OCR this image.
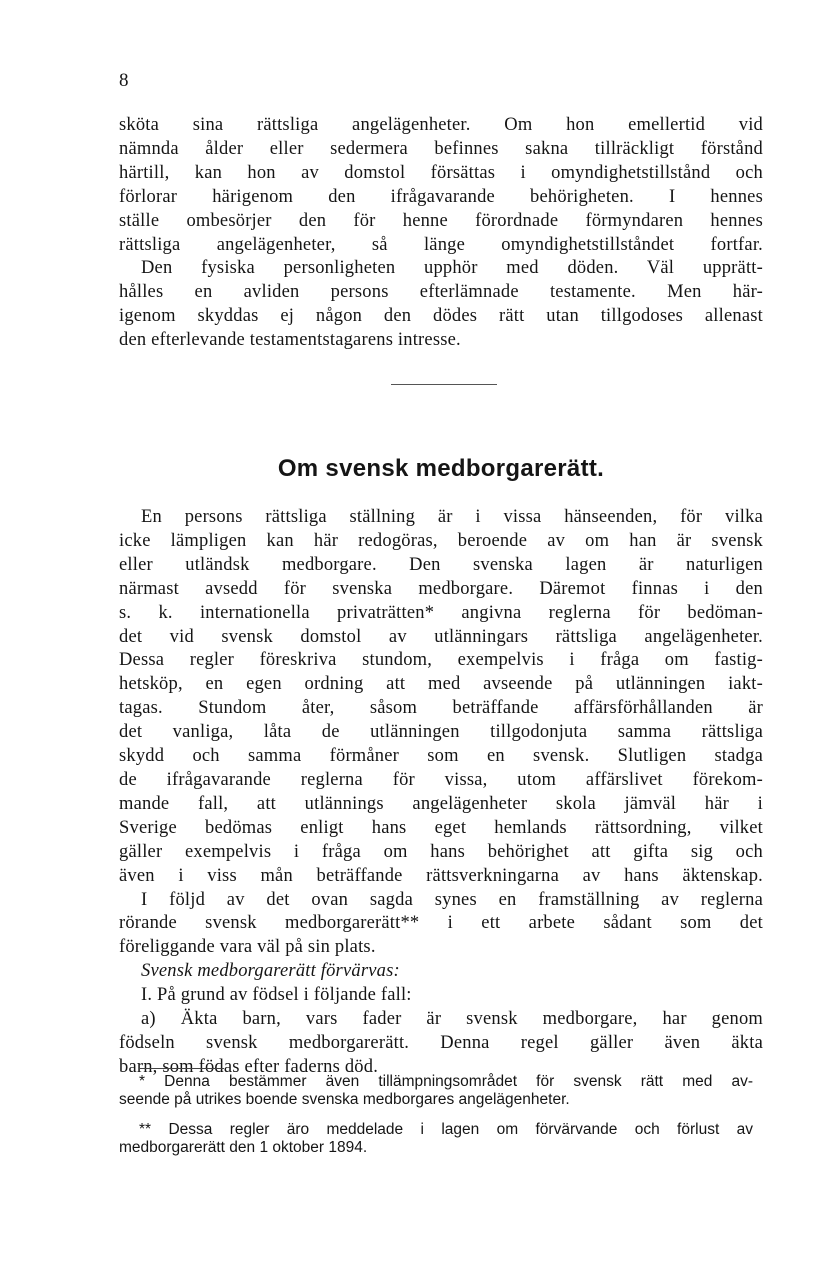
8
sköta sina rättsliga angelägenheter. Om hon emellertid vid
nämnda ålder eller sedermera befinnes sakna tillräckligt förstånd
härtill, kan hon av domstol försättas i omyndighetstillstånd och
förlorar härigenom den ifrågavarande behörigheten. I hennes
ställe ombesörjer den för henne förordnade förmyndaren hennes
rättsliga angelägenheter, så länge omyndighetstillståndet fortfar.
Den fysiska personligheten upphör med döden. Väl upprätt-
hålles en avliden persons efterlämnade testamente. Men här-
igenom skyddas ej någon den dödes rätt utan tillgodoses allenast
den efterlevande testamentstagarens intresse.
Om svensk medborgarerätt.
En persons rättsliga ställning är i vissa hänseenden, för vilka
icke lämpligen kan här redogöras, beroende av om han är svensk
eller utländsk medborgare. Den svenska lagen är naturligen
närmast avsedd för svenska medborgare. Däremot finnas i den
s. k. internationella privaträtten* angivna reglerna för bedöman-
det vid svensk domstol av utlänningars rättsliga angelägenheter.
Dessa regler föreskriva stundom, exempelvis i fråga om fastig-
hetsköp, en egen ordning att med avseende på utlänningen iakt-
tagas. Stundom åter, såsom beträffande affärsförhållanden är
det vanliga, låta de utlänningen tillgodonjuta samma rättsliga
skydd och samma förmåner som en svensk. Slutligen stadga
de ifrågavarande reglerna för vissa, utom affärslivet förekom-
mande fall, att utlännings angelägenheter skola jämväl här i
Sverige bedömas enligt hans eget hemlands rättsordning, vilket
gäller exempelvis i fråga om hans behörighet att gifta sig och
även i viss mån beträffande rättsverkningarna av hans äktenskap.
I följd av det ovan sagda synes en framställning av reglerna
rörande svensk medborgarerätt** i ett arbete sådant som det
föreliggande vara väl på sin plats.
Svensk medborgarerätt förvärvas:
I. På grund av födsel i följande fall:
a) Äkta barn, vars fader är svensk medborgare, har genom
födseln svensk medborgarerätt. Denna regel gäller även äkta
barn, som födas efter faderns död.
* Denna bestämmer även tillämpningsområdet för svensk rätt med av-
seende på utrikes boende svenska medborgares angelägenheter.
** Dessa regler äro meddelade i lagen om förvärvande och förlust av
medborgarerätt den 1 oktober 1894.
